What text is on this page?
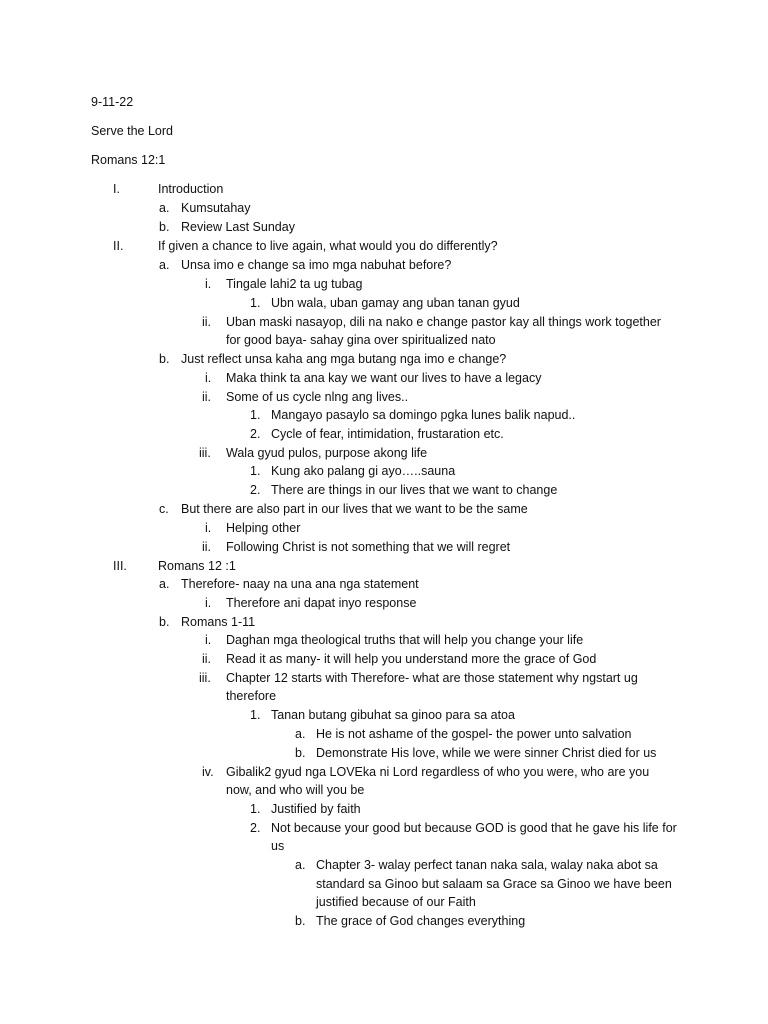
9-11-22
Serve the Lord
Romans 12:1
I.	Introduction
a. Kumsutahay
b. Review Last Sunday
II.	If given a chance to live again, what would you do differently?
a. Unsa imo e change sa imo mga nabuhat before?
i. Tingale lahi2 ta ug tubag
1. Ubn wala, uban gamay ang uban tanan gyud
ii. Uban maski nasayop, dili na nako e change pastor kay all things work together
for good baya- sahay gina over spiritualized nato
b. Just reflect unsa kaha ang mga butang nga imo e change?
i. Maka think ta ana kay we want our lives to have a legacy
ii. Some of us cycle nlng ang lives..
1. Mangayo pasaylo sa domingo pgka lunes balik napud..
2. Cycle of fear, intimidation, frustaration etc.
iii. Wala gyud pulos, purpose akong life
1. Kung ako palang gi ayo…..sauna
2. There are things in our lives that we want to change
c. But there are also part in our lives that we want to be the same
i. Helping other
ii. Following Christ is not something that we will regret
III. Romans 12 :1
a. Therefore- naay na una ana nga statement
i. Therefore ani dapat inyo response
b. Romans 1-11
i. Daghan mga theological truths that will help you change your life
ii. Read it as many- it will help you understand more the grace of God
iii. Chapter 12 starts with Therefore- what are those statement why ngstart ug
therefore
1. Tanan butang gibuhat sa ginoo para sa atoa
a. He is not ashame of the gospel- the power unto salvation
b. Demonstrate His love, while we were sinner Christ died for us
iv. Gibalik2 gyud nga LOVEka ni Lord regardless of who you were, who are you
now, and who will you be
1. Justified by faith
2. Not because your good but because GOD is good that he gave his life for
us
a. Chapter 3- walay perfect tanan naka sala, walay naka abot sa
standard sa Ginoo but salaam sa Grace sa Ginoo we have been
justified because of our Faith
b. The grace of God changes everything
